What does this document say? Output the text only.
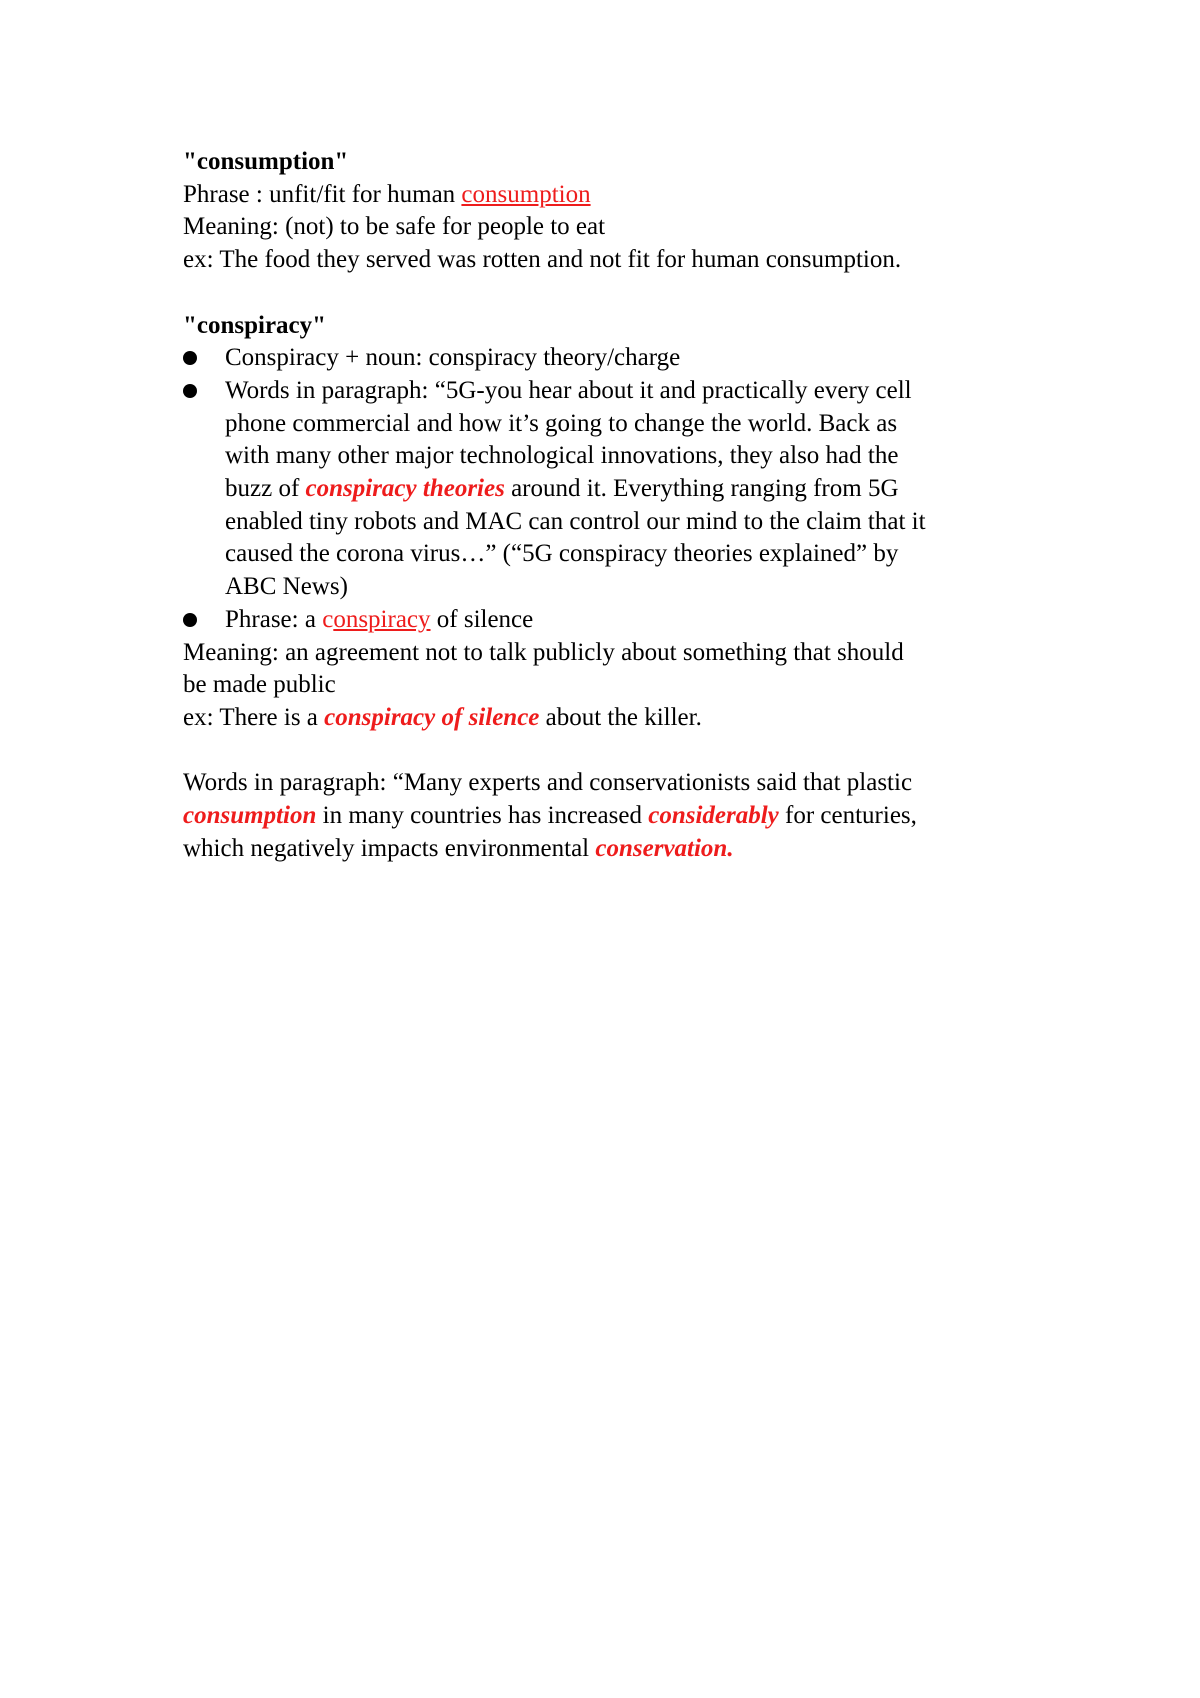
"consumption"
Phrase : unfit/fit for human consumption
Meaning: (not) to be safe for people to eat
ex: The food they served was rotten and not fit for human consumption.
"conspiracy"
Conspiracy + noun: conspiracy theory/charge
Words in paragraph: “5G-you hear about it and practically every cell
phone commercial and how it’s going to change the world. Back as
with many other major technological innovations, they also had the
buzz of conspiracy theories around it. Everything ranging from 5G
enabled tiny robots and MAC can control our mind to the claim that it
caused the corona virus…” (“5G conspiracy theories explained” by
ABC News)
Phrase: a conspiracy of silence
Meaning: an agreement not to talk publicly about something that should
be made public
ex: There is a conspiracy of silence about the killer.
Words in paragraph: “Many experts and conservationists said that plastic
consumption in many countries has increased considerably for centuries,
which negatively impacts environmental conservation.
